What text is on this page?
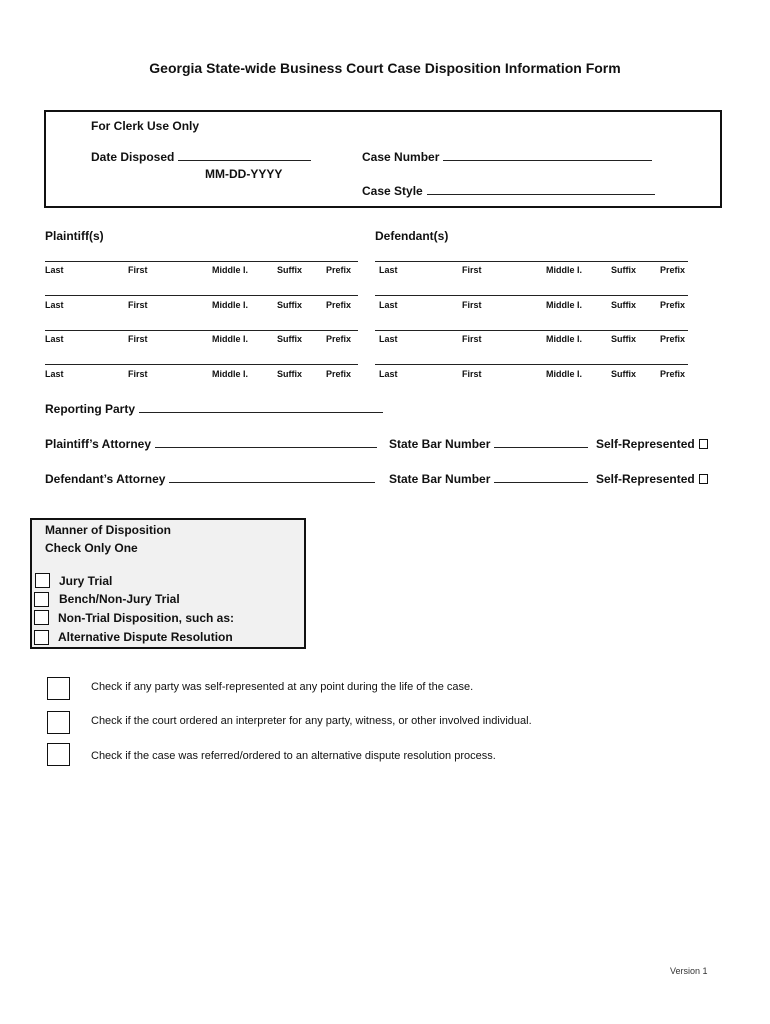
Georgia State-wide Business Court Case Disposition Information Form
For Clerk Use Only
Date Disposed
MM-DD-YYYY
Case Number
Case Style
Plaintiff(s)	Defendant(s)
Last	First	Middle I.	Suffix	Prefix
Last	First	Middle I.	Suffix	Prefix
Last	First	Middle I.	Suffix	Prefix
Last	First	Middle I.	Suffix	Prefix
Last	First	Middle I.	Suffix	Prefix
Last	First	Middle I.	Suffix	Prefix
Last	First	Middle I.	Suffix	Prefix
Last	First	Middle I.	Suffix	Prefix
Reporting Party
Plaintiff’s Attorney	State Bar Number	Self-Represented
Defendant’s Attorney	State Bar Number	Self-Represented
Manner of Disposition
Check Only One
Jury Trial
Bench/Non-Jury Trial
Non-Trial Disposition, such as:
Alternative Dispute Resolution
Check if any party was self-represented at any point during the life of the case.
Check if the court ordered an interpreter for any party, witness, or other involved individual.
Check if the case was referred/ordered to an alternative dispute resolution process.
Version 1
